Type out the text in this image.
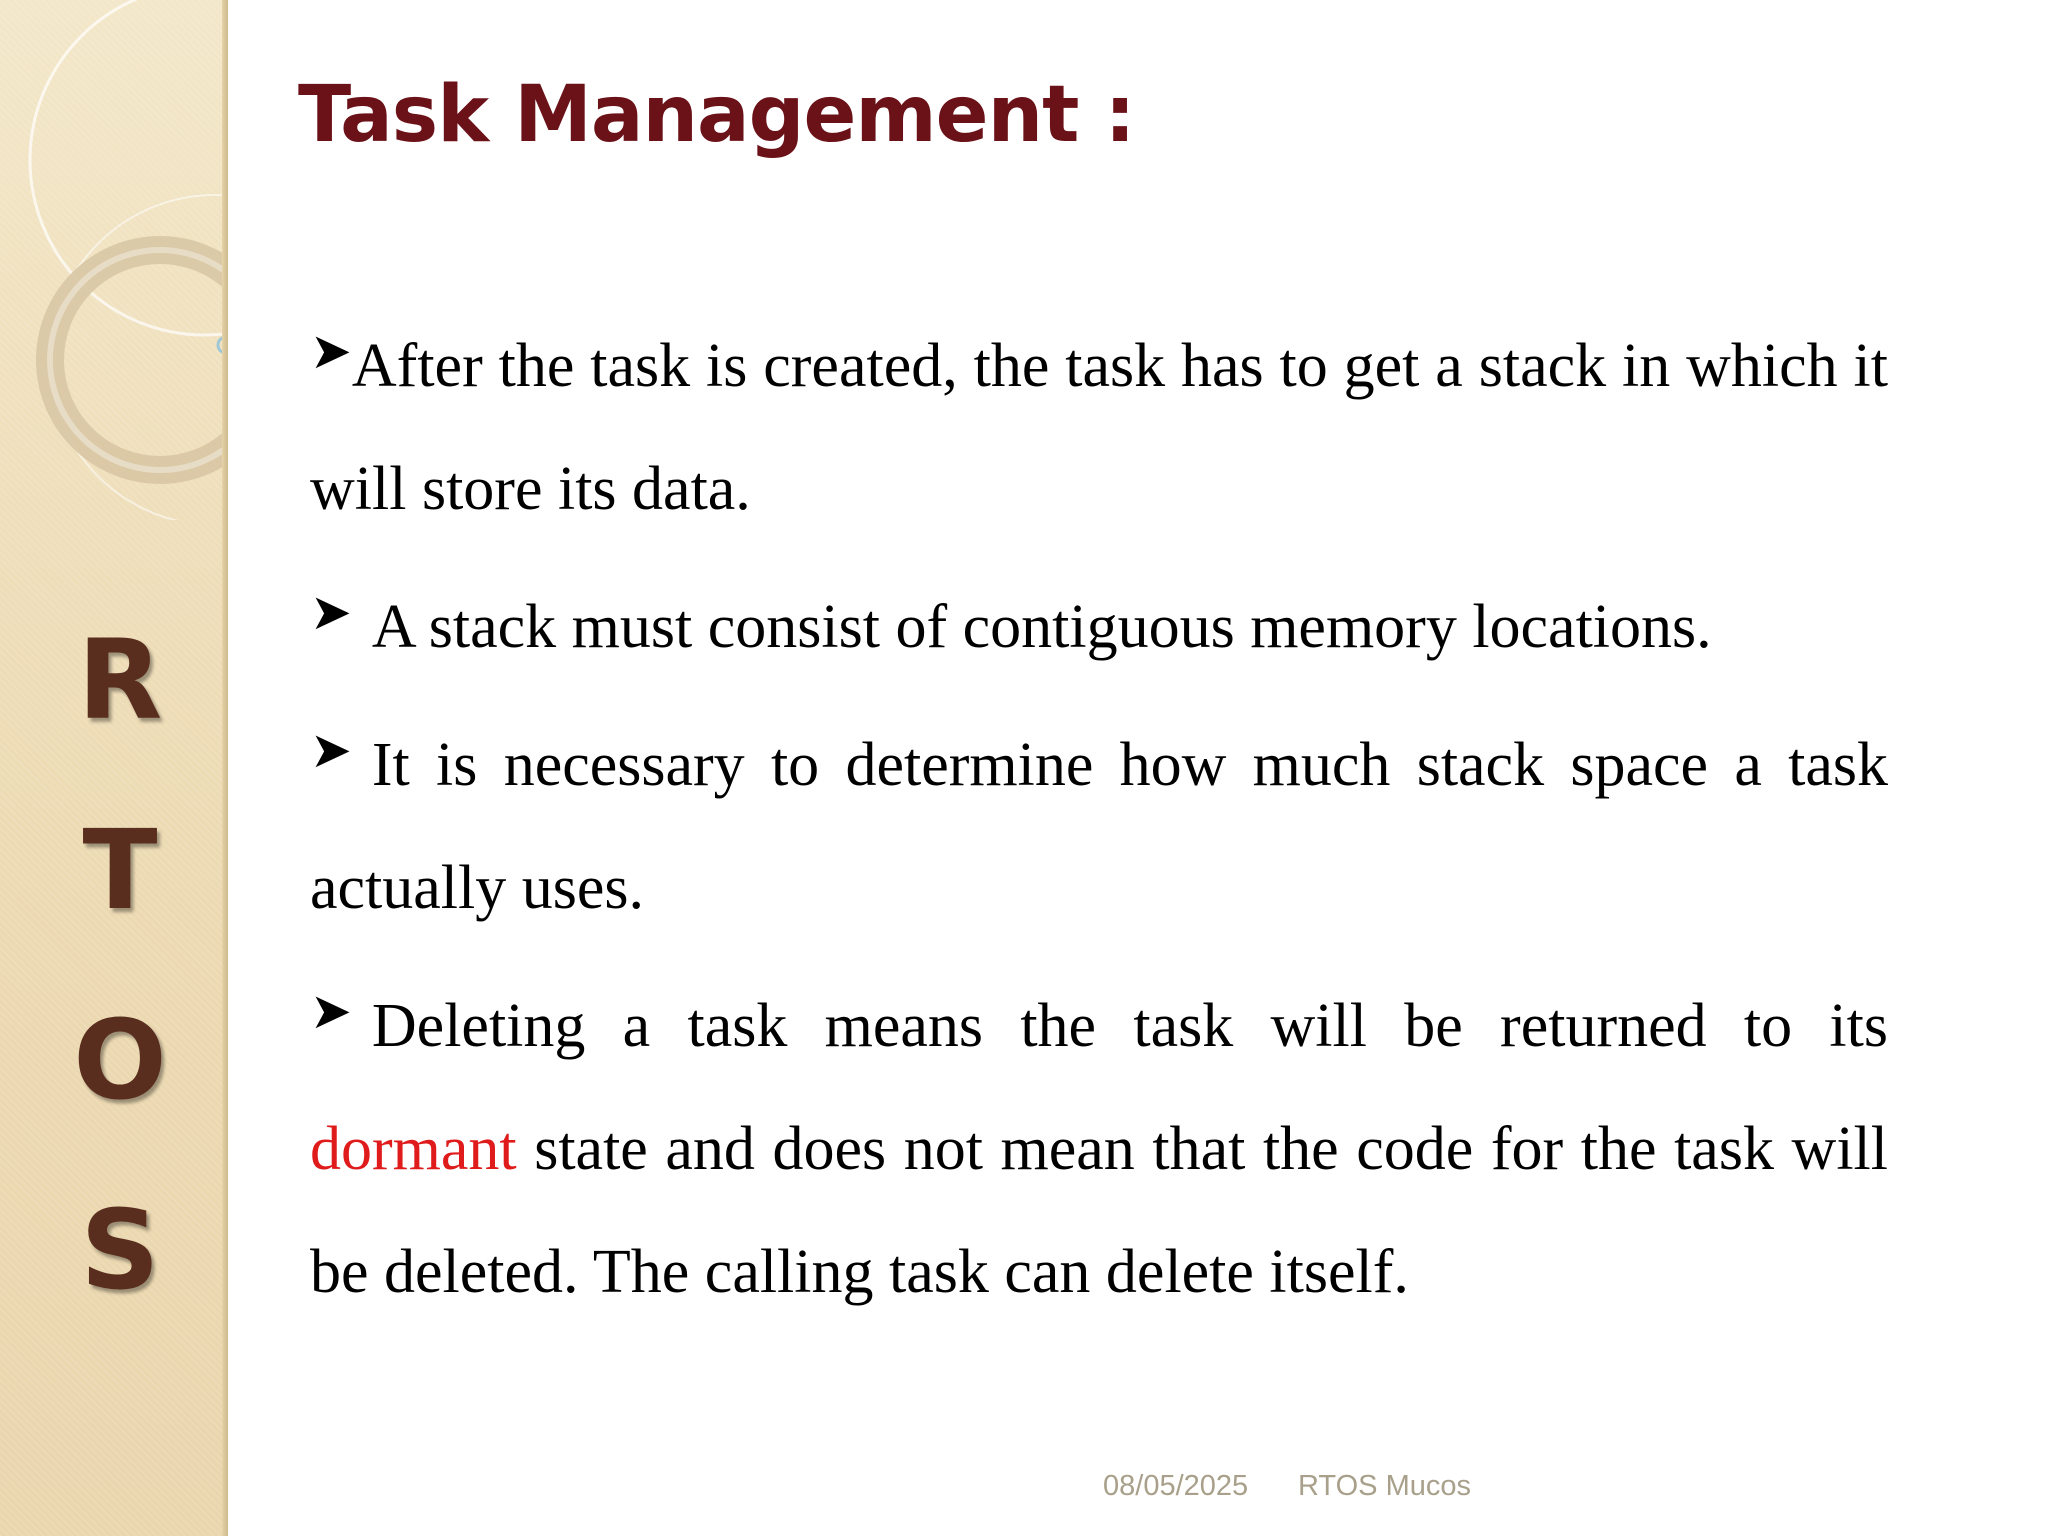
R
T
O
S
Task Management :

➤After the task is created, the task has to get a stack in which it will store its data.

➤ A stack must consist of contiguous memory locations.

➤ It is necessary to determine how much stack space a task actually uses.

➤ Deleting a task means the task will be returned to its dormant state and does not mean that the code for the task will be deleted. The calling task can delete itself.

08/05/2025 RTOS Mucos
